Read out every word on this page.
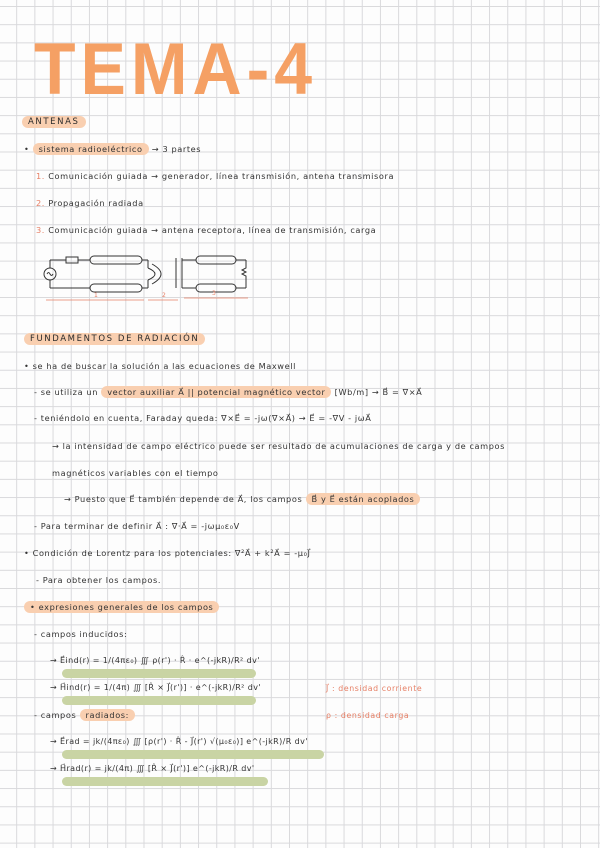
TEMA-4
ANTENAS
• sistema radioeléctrico → 3 partes
1. Comunicación guiada → generador, línea transmisión, antena transmisora
2. Propagación radiada
3. Comunicación guiada → antena receptora, línea de transmisión, carga
1	2	3
FUNDAMENTOS DE RADIACIÓN
• se ha de buscar la solución a las ecuaciones de Maxwell
- se utiliza un vector auxiliar A⃗ || potencial magnético vector [Wb/m] → B⃗ = ∇×A⃗
- teniéndolo en cuenta, Faraday queda: ∇×E⃗ = -jω(∇×A⃗) → E⃗ = -∇V - jωA⃗
→ la intensidad de campo eléctrico puede ser resultado de acumulaciones de carga y de campos
magnéticos variables con el tiempo
→ Puesto que E⃗ también depende de A⃗, los campos B⃗ y E⃗ están acoplados
- Para terminar de definir A⃗ : ∇·A⃗ = -jωμ₀ε₀V
• Condición de Lorentz para los potenciales: ∇²A⃗ + k²A⃗ = -μ₀J⃗
- Para obtener los campos.
• expresiones generales de los campos
- campos inducidos:
→ E⃗ind(r) = 1/(4πε₀) ∭ ρ(r') · R̂ · e^(-jkR)/R² dv'
→ H⃗ind(r) = 1/(4π) ∭ [R̂ × J⃗(r')] · e^(-jkR)/R² dv'	J⃗ : densidad corriente
ρ : densidad carga
- campos radiados:
→ E⃗rad = jk/(4πε₀) ∭ [ρ(r') · R̂ - J⃗(r') √(μ₀ε₀)] e^(-jkR)/R dv'
→ H⃗rad(r) = jk/(4π) ∭ [R̂ × J⃗(r')] e^(-jkR)/R dv'
